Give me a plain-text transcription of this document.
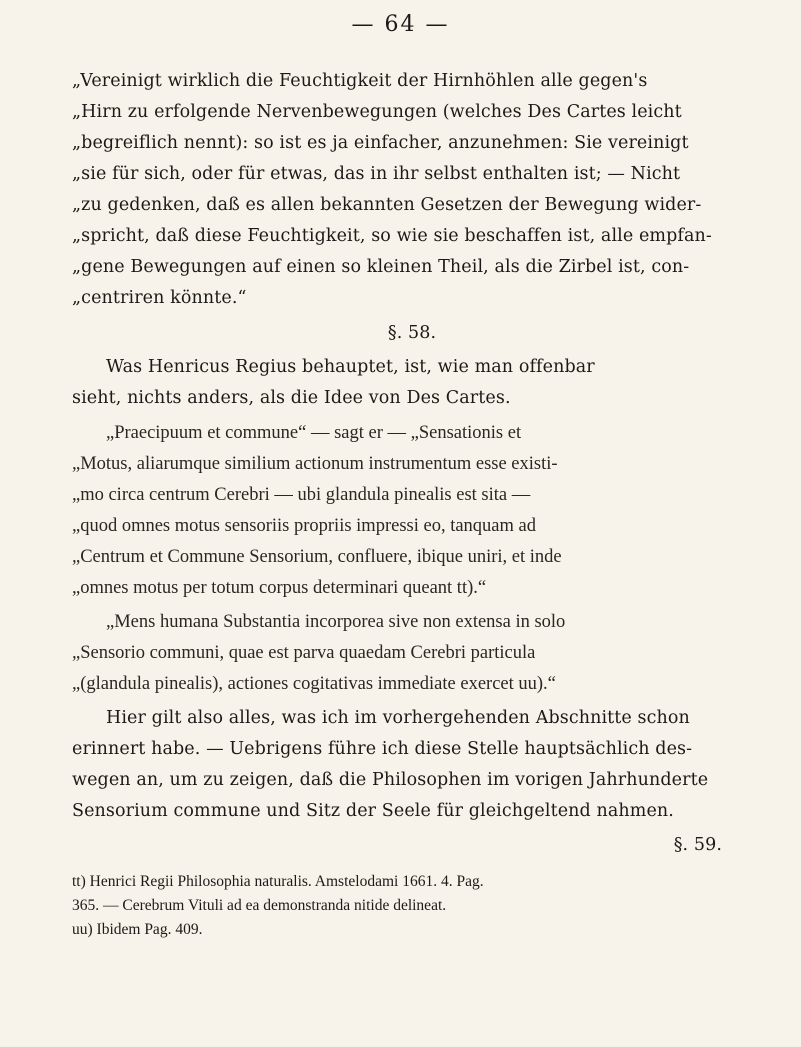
— 64 —
„Vereinigt wirklich die Feuchtigkeit der Hirnhöhlen alle gegen's
„Hirn zu erfolgende Nervenbewegungen (welches Des Cartes leicht
„begreiflich nennt): so ist es ja einfacher, anzunehmen: Sie vereinigt
„sie für sich, oder für etwas, das in ihr selbst enthalten ist; — Nicht
„zu gedenken, daß es allen bekannten Gesetzen der Bewegung wider-
„spricht, daß diese Feuchtigkeit, so wie sie beschaffen ist, alle empfan-
„gene Bewegungen auf einen so kleinen Theil, als die Zirbel ist, con-
„centriren könnte.“
§. 58.
Was Henricus Regius behauptet, ist, wie man offenbar
sieht, nichts anders, als die Idee von Des Cartes.
„Praecipuum et commune“ — sagt er — „Sensationis et
„Motus, aliarumque similium actionum instrumentum esse existi-
„mo circa centrum Cerebri — ubi glandula pinealis est sita —
„quod omnes motus sensoriis propriis impressi eo, tanquam ad
„Centrum et Commune Sensorium, confluere, ibique uniri, et inde
„omnes motus per totum corpus determinari queant tt).“
„Mens humana Substantia incorporea sive non extensa in solo
„Sensorio communi, quae est parva quaedam Cerebri particula
„(glandula pinealis), actiones cogitativas immediate exercet uu).“
Hier gilt also alles, was ich im vorhergehenden Abschnitte schon
erinnert habe. — Uebrigens führe ich diese Stelle hauptsächlich des-
wegen an, um zu zeigen, daß die Philosophen im vorigen Jahrhunderte
Sensorium commune und Sitz der Seele für gleichgeltend nahmen.
§. 59.
tt) Henrici Regii Philosophia naturalis. Amstelodami 1661. 4. Pag.
365. — Cerebrum Vituli ad ea demonstranda nitide delineat.
uu) Ibidem Pag. 409.
